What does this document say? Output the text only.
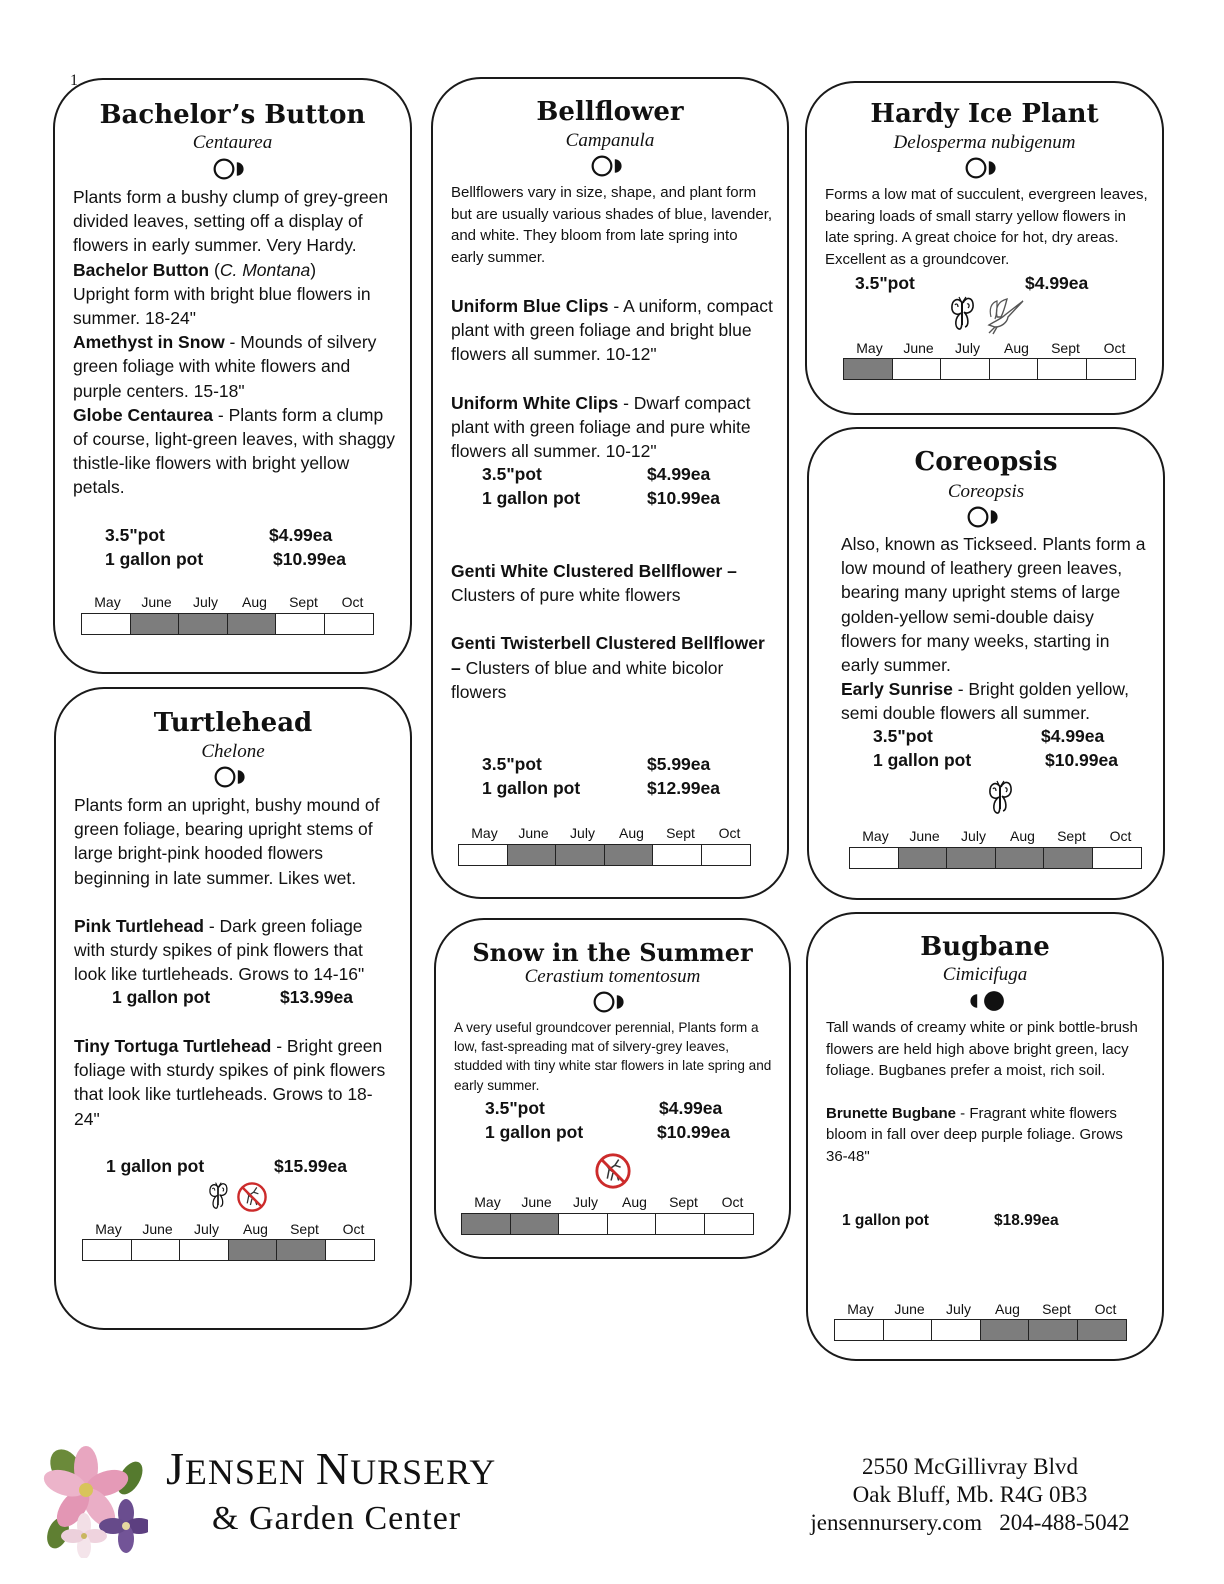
1
Bachelor’s Button
Centaurea

Plants form a bushy clump of grey-green divided leaves, setting off a display of flowers in early summer. Very Hardy.

Bachelor Button (C. Montana)

Upright form with bright blue flowers in summer. 18-24"

Amethyst in Snow - Mounds of silvery green foliage with white flowers and purple centers. 15-18"

Globe Centaurea - Plants form a clump of course, light-green leaves, with shaggy thistle-like flowers with bright yellow petals.

3.5"pot	$4.99ea
1 gallon pot	$10.99ea
May	June	July	Aug	Sept	Oct
Bellflower
Campanula

Bellflowers vary in size, shape, and plant form but are usually various shades of blue, lavender, and white. They bloom from late spring into early summer.

Uniform Blue Clips - A uniform, compact plant with green foliage and bright blue flowers all summer. 10-12"

Uniform White Clips - Dwarf compact plant with green foliage and pure white flowers all summer. 10-12"

3.5"pot	$4.99ea
1 gallon pot	$10.99ea

Genti White Clustered Bellflower –

Clusters of pure white flowers

Genti Twisterbell Clustered Bellflower – Clusters of blue and white bicolor flowers

3.5"pot	$5.99ea
1 gallon pot	$12.99ea
May	June	July	Aug	Sept	Oct
Hardy Ice Plant
Delosperma nubigenum

Forms a low mat of succulent, evergreen leaves, bearing loads of small starry yellow flowers in late spring. A great choice for hot, dry areas. Excellent as a groundcover.

3.5"pot	$4.99ea
May	June	July	Aug	Sept	Oct
Coreopsis
Coreopsis

Also, known as Tickseed. Plants form a low mound of leathery green leaves, bearing many upright stems of large golden-yellow semi-double daisy flowers for many weeks, starting in early summer.

Early Sunrise - Bright golden yellow, semi double flowers all summer.

3.5"pot	$4.99ea
1 gallon pot	$10.99ea
May	June	July	Aug	Sept	Oct
Turtlehead
Chelone

Plants form an upright, bushy mound of green foliage, bearing upright stems of large bright-pink hooded flowers beginning in late summer. Likes wet.

Pink Turtlehead - Dark green foliage with sturdy spikes of pink flowers that look like turtleheads. Grows to 14-16"

1 gallon pot	$13.99ea

Tiny Tortuga Turtlehead - Bright green foliage with sturdy spikes of pink flowers that look like turtleheads. Grows to 18-24"

1 gallon pot	$15.99ea
May	June	July	Aug	Sept	Oct
Snow in the Summer
Cerastium tomentosum

A very useful groundcover perennial, Plants form a low, fast-spreading mat of silvery-grey leaves, studded with tiny white star flowers in late spring and early summer.

3.5"pot	$4.99ea
1 gallon pot	$10.99ea
May	June	July	Aug	Sept	Oct
Bugbane
Cimicifuga

Tall wands of creamy white or pink bottle-brush flowers are held high above bright green, lacy foliage. Bugbanes prefer a moist, rich soil.

Brunette Bugbane - Fragrant white flowers bloom in fall over deep purple foliage. Grows 36-48"

1 gallon pot	$18.99ea
May	June	July	Aug	Sept	Oct
JENSEN NURSERY
& Garden Center
2550 McGillivray Blvd
Oak Bluff, Mb. R4G 0B3
jensennursery.com 204-488-5042
